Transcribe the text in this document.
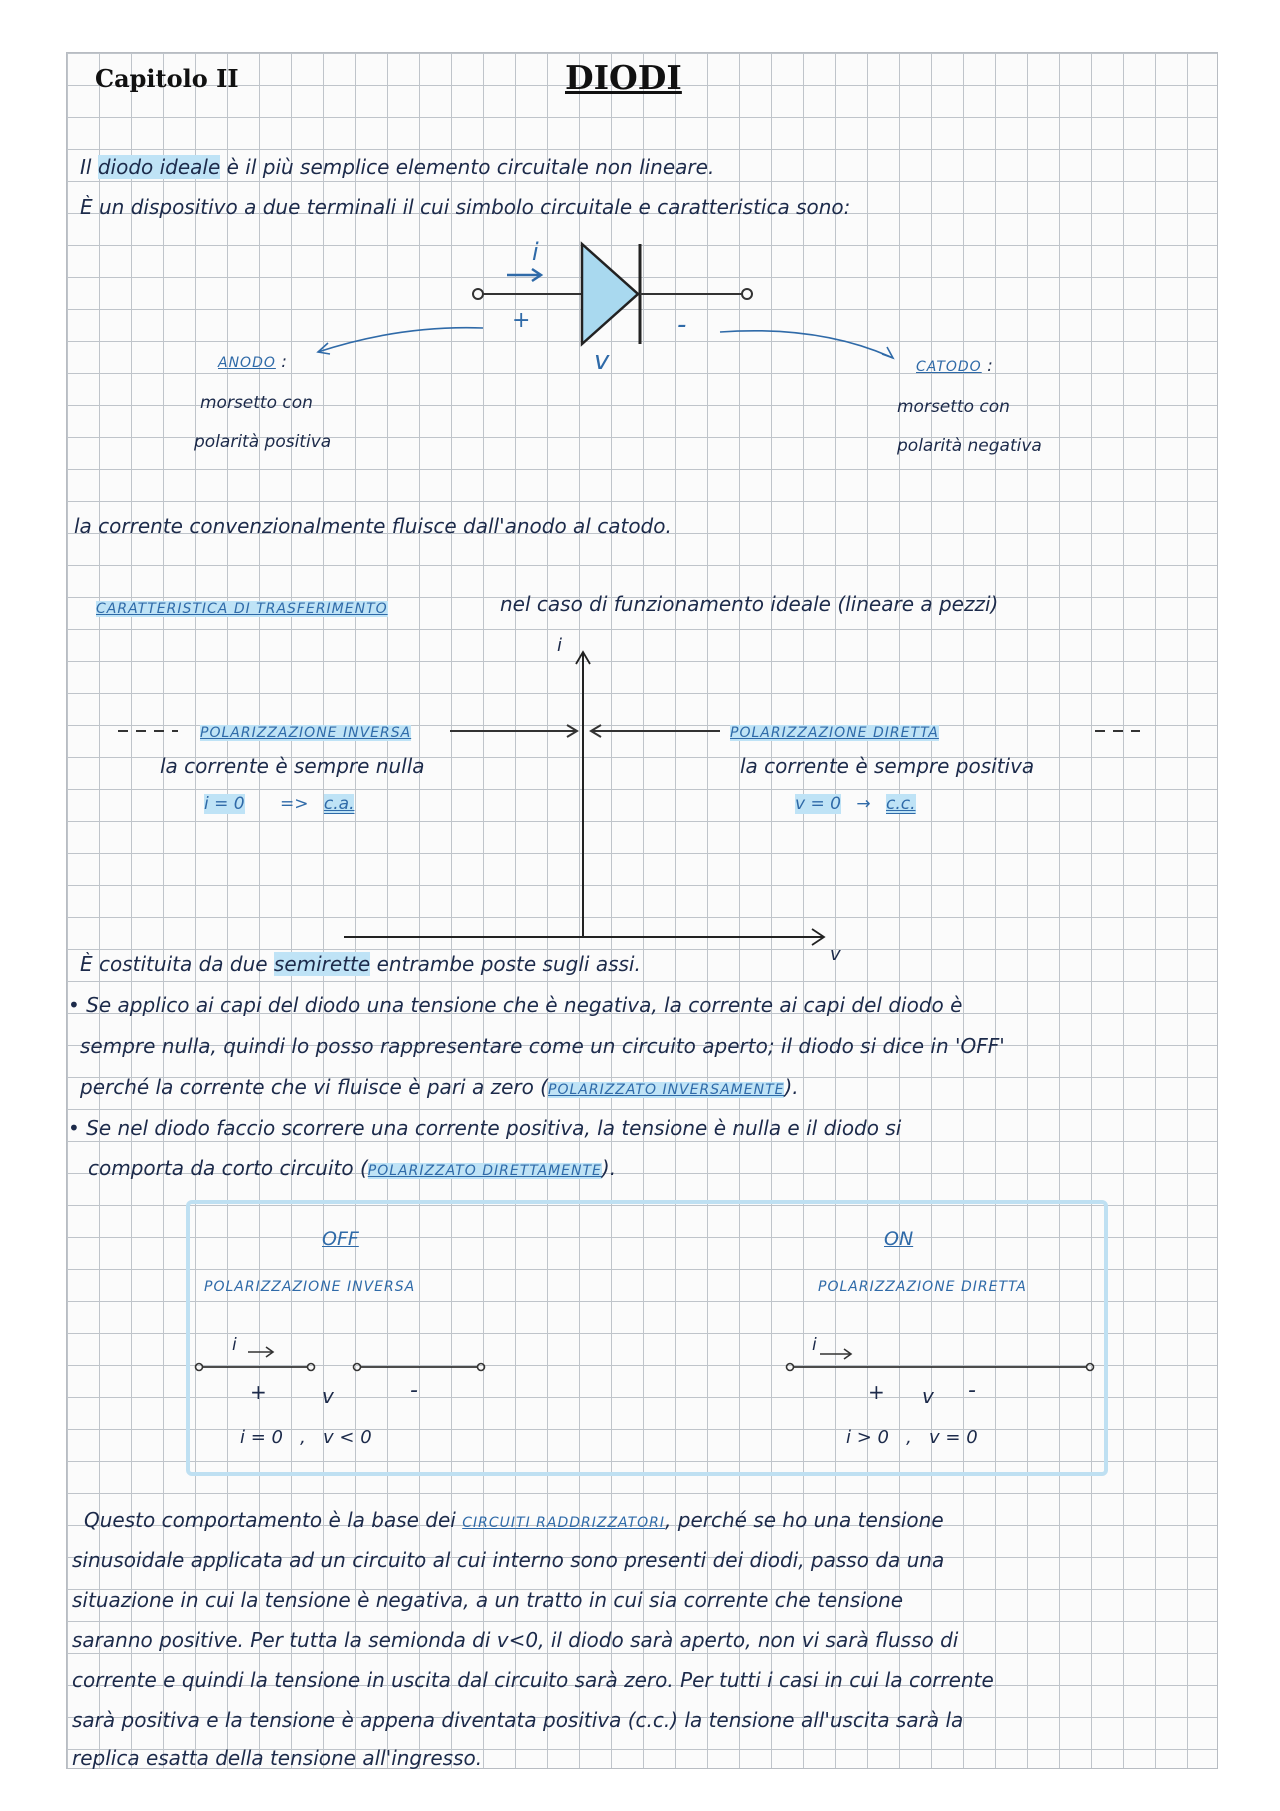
Capitolo II	DIODI
Il diodo ideale è il più semplice elemento circuitale non lineare.
È un dispositivo a due terminali il cui simbolo circuitale e caratteristica sono:
i
+	-
v
ANODO :
morsetto con
polarità positiva
CATODO :
morsetto con
polarità negativa
la corrente convenzionalmente fluisce dall'anodo al catodo.
CARATTERISTICA DI TRASFERIMENTO	nel caso di funzionamento ideale (lineare a pezzi)
i
v
POLARIZZAZIONE INVERSA
la corrente è sempre nulla
i = 0 => c.a.
POLARIZZAZIONE DIRETTA
la corrente è sempre positiva
v = 0 → c.c.
È costituita da due semirette entrambe poste sugli assi.
• Se applico ai capi del diodo una tensione che è negativa, la corrente ai capi del diodo è
sempre nulla, quindi lo posso rappresentare come un circuito aperto; il diodo si dice in 'OFF'
perché la corrente che vi fluisce è pari a zero (POLARIZZATO INVERSAMENTE).
• Se nel diodo faccio scorrere una corrente positiva, la tensione è nulla e il diodo si
comporta da corto circuito (POLARIZZATO DIRETTAMENTE).
OFF
POLARIZZAZIONE INVERSA
i
+	v	-
i = 0   ,   v < 0
ON
POLARIZZAZIONE DIRETTA
i
+ v -
i > 0   ,   v = 0
Questo comportamento è la base dei CIRCUITI RADDRIZZATORI, perché se ho una tensione
sinusoidale applicata ad un circuito al cui interno sono presenti dei diodi, passo da una
situazione in cui la tensione è negativa, a un tratto in cui sia corrente che tensione
saranno positive. Per tutta la semionda di v<0, il diodo sarà aperto, non vi sarà flusso di
corrente e quindi la tensione in uscita dal circuito sarà zero. Per tutti i casi in cui la corrente
sarà positiva e la tensione è appena diventata positiva (c.c.) la tensione all'uscita sarà la
replica esatta della tensione all'ingresso.
